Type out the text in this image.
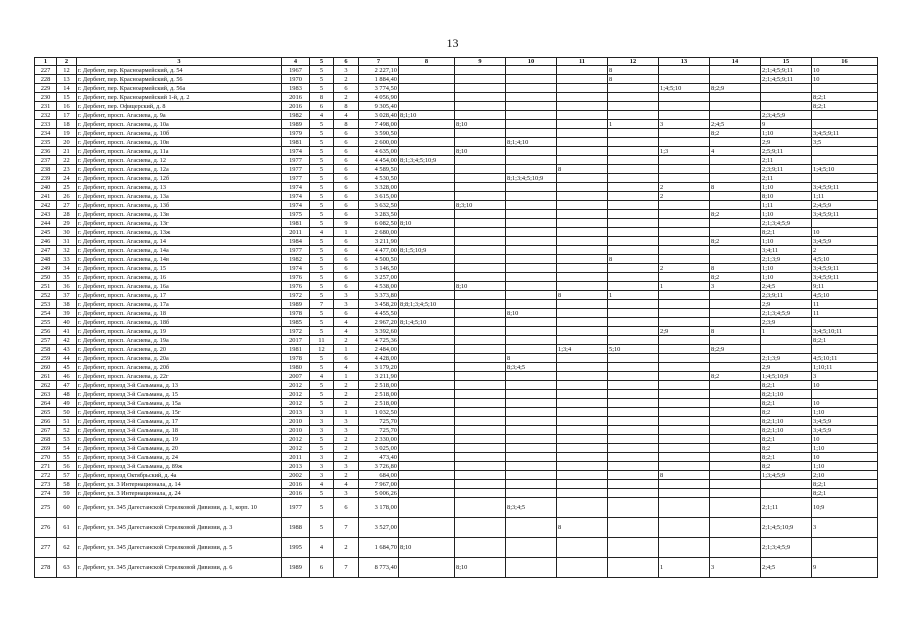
13
1	2	3	4	5	6	7	8	9	10	11	12	13	14	15	16
227	12	г. Дербент, пер. Красноармейский, д. 54	1967	5	3	2 227,10					8			2;1;4;5;9;11	10
228	13	г. Дербент, пер. Красноармейский, д. 56	1970	5	2	1 884,40					8			2;1;4;5;9;11	10
229	14	г. Дербент, пер. Красноармейский, д. 56а	1983	5	6	3 774,50						1;4;5;10	8;2;9		
230	15	г. Дербент, пер. Красноармейский 1-й, д. 2	2016	8	2	4 056,90									8;2;1
231	16	г. Дербент, пер. Офицерский, д. 8	2016	6	8	9 305,40									8;2;1
232	17	г. Дербент, просп. Агасиева, д. 9а	1982	4	4	3 028,40	8;1;10							2;3;4;5;9	
233	18	г. Дербент, просп. Агасиева, д. 10а	1989	5	8	7 498,00		8;10			1	3	2;4;5	9	
234	19	г. Дербент, просп. Агасиева, д. 10б	1979	5	6	3 590,50							8;2	1;10	3;4;5;9;11
235	20	г. Дербент, просп. Агасиева, д. 10в	1981	5	6	2 600,00			8;1;4;10					2;9	3;5
236	21	г. Дербент, просп. Агасиева, д. 11а	1974	5	6	4 635,00		8;10				1;3	4	2;5;9;11	
237	22	г. Дербент, просп. Агасиева, д. 12	1977	5	6	4 454,00	8;1;3;4;5;10;9							2;11	
238	23	г. Дербент, просп. Агасиева, д. 12а	1977	5	6	4 589,50				8				2;3;9;11	1;4;5;10
239	24	г. Дербент, просп. Агасиева, д. 12б	1977	5	6	4 530,50			8;1;3;4;5;10;9					2;11	
240	25	г. Дербент, просп. Агасиева, д. 13	1974	5	6	3 328,00						2	8	1;10	3;4;5;9;11
241	26	г. Дербент, просп. Агасиева, д. 13а	1974	5	6	3 615,00						2		8;10	1;11
242	27	г. Дербент, просп. Агасиева, д. 13б	1974	5	6	3 632,50		8;3;10						1;11	2;4;5;9
243	28	г. Дербент, просп. Агасиева, д. 13в	1975	5	6	3 283,50							8;2	1;10	3;4;5;9;11
244	29	г. Дербент, просп. Агасиева, д. 13г	1981	5	9	6 082,50	8;10							2;1;3;4;5;9	
245	30	г. Дербент, просп. Агасиева, д. 13ж	2011	4	1	2 680,00								8;2;1	10
246	31	г. Дербент, просп. Агасиева, д. 14	1984	5	6	3 211,90							8;2	1;10	3;4;5;9
247	32	г. Дербент, просп. Агасиева, д. 14а	1977	5	6	4 477,00	8;1;5;10;9							3;4;11	2
248	33	г. Дербент, просп. Агасиева, д. 14в	1982	5	6	4 500,50					8			2;1;3;9	4;5;10
249	34	г. Дербент, просп. Агасиева, д. 15	1974	5	6	3 146,50						2	8	1;10	3;4;5;9;11
250	35	г. Дербент, просп. Агасиева, д. 16	1976	5	6	3 257,00							8;2	1;10	3;4;5;9;11
251	36	г. Дербент, просп. Агасиева, д. 16а	1976	5	6	4 538,00		8;10				1	3	2;4;5	9;11
252	37	г. Дербент, просп. Агасиева, д. 17	1972	5	3	3 373,80				8	1			2;3;9;11	4;5;10
253	38	г. Дербент, просп. Агасиева, д. 17а	1989	7	3	3 458,20	8;8;1;3;4;5;10							2;9	11
254	39	г. Дербент, просп. Агасиева, д. 18	1978	5	6	4 455,50			8;10					2;1;3;4;5;9	11
255	40	г. Дербент, просп. Агасиева, д. 18б	1985	5	4	2 967,20	8;1;4;5;10							2;3;9	
256	41	г. Дербент, просп. Агасиева, д. 19	1972	5	4	3 392,60						2;9	8	1	3;4;5;10;11
257	42	г. Дербент, просп. Агасиева, д. 19а	2017	11	2	4 725,36									8;2;1
258	43	г. Дербент, просп. Агасиева, д. 20	1981	12	1	2 484,00				1;3;4	5;10		8;2;9		
259	44	г. Дербент, просп. Агасиева, д. 20а	1978	5	6	4 428,00			8					2;1;3;9	4;5;10;11
260	45	г. Дербент, просп. Агасиева, д. 20б	1980	5	4	3 179,20			8;3;4;5					2;9	1;10;11
261	46	г. Дербент, просп. Агасиева, д. 22г	2007	4	1	3 211,90							8;2	1;4;5;10;9	3
262	47	г. Дербент, проезд 3-й Сальмана, д. 13	2012	5	2	2 518,00								8;2;1	10
263	48	г. Дербент, проезд 3-й Сальмана, д. 15	2012	5	2	2 518,00								8;2;1;10	
264	49	г. Дербент, проезд 3-й Сальмана, д. 15а	2012	5	2	2 518,00								8;2;1	10
265	50	г. Дербент, проезд 3-й Сальмана, д. 15г	2013	3	1	1 032,50								8;2	1;10
266	51	г. Дербент, проезд 3-й Сальмана, д. 17	2010	3	3	725,70								8;2;1;10	3;4;5;9
267	52	г. Дербент, проезд 3-й Сальмана, д. 18	2010	3	3	725,70								8;2;1;10	3;4;5;9
268	53	г. Дербент, проезд 3-й Сальмана, д. 19	2012	5	2	2 330,00								8;2;1	10
269	54	г. Дербент, проезд 3-й Сальмана, д. 20	2012	5	2	3 025,00								8;2	1;10
270	55	г. Дербент, проезд 3-й Сальмана, д. 24	2011	3	2	473,40								8;2;1	10
271	56	г. Дербент, проезд 3-й Сальмана, д. 89ж	2013	3	3	3 726,80								8;2	1;10
272	57	г. Дербент, проезд Октябрьский, д. 4а	2002	3	2	684,00						8		1;3;4;5;9	2;10
273	58	г. Дербент, ул. 3 Интернационала, д. 14	2016	4	4	7 967,00									8;2;1
274	59	г. Дербент, ул. 3 Интернационала, д. 24	2016	5	3	5 006,26									8;2;1
275	60	г. Дербент, ул. 345 Дагестанской Стрелковой Дивизии, д. 1, корп. 10	1977	5	6	3 178,00			8;3;4;5					2;1;11	10;9
276	61	г. Дербент, ул. 345 Дагестанской Стрелковой Дивизии, д. 3	1988	5	7	3 527,00				8				2;1;4;5;10;9	3
277	62	г. Дербент, ул. 345 Дагестанской Стрелковой Дивизии, д. 5	1995	4	2	1 684,70	8;10							2;1;3;4;5;9	
278	63	г. Дербент, ул. 345 Дагестанской Стрелковой Дивизии, д. 6	1989	6	7	8 773,40		8;10				1	3	2;4;5	9
